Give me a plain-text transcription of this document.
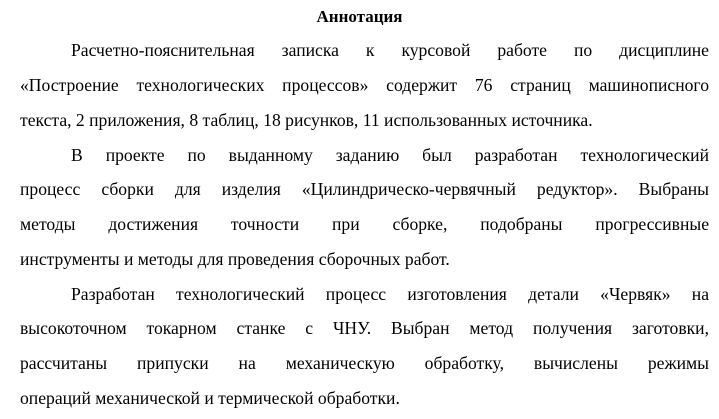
Аннотация
Расчетно-пояснительная записка к курсовой работе по дисциплине
«Построение технологических процессов» содержит 76 страниц машинописного
текста, 2 приложения, 8 таблиц, 18 рисунков, 11 использованных источника.
В проекте по выданному заданию был разработан технологический
процесс сборки для изделия «Цилиндрическо-червячный редуктор». Выбраны
методы достижения точности при сборке, подобраны прогрессивные
инструменты и методы для проведения сборочных работ.
Разработан технологический процесс изготовления детали «Червяк» на
высокоточном токарном станке с ЧНУ. Выбран метод получения заготовки,
рассчитаны припуски на механическую обработку, вычислены режимы
операций механической и термической обработки.
